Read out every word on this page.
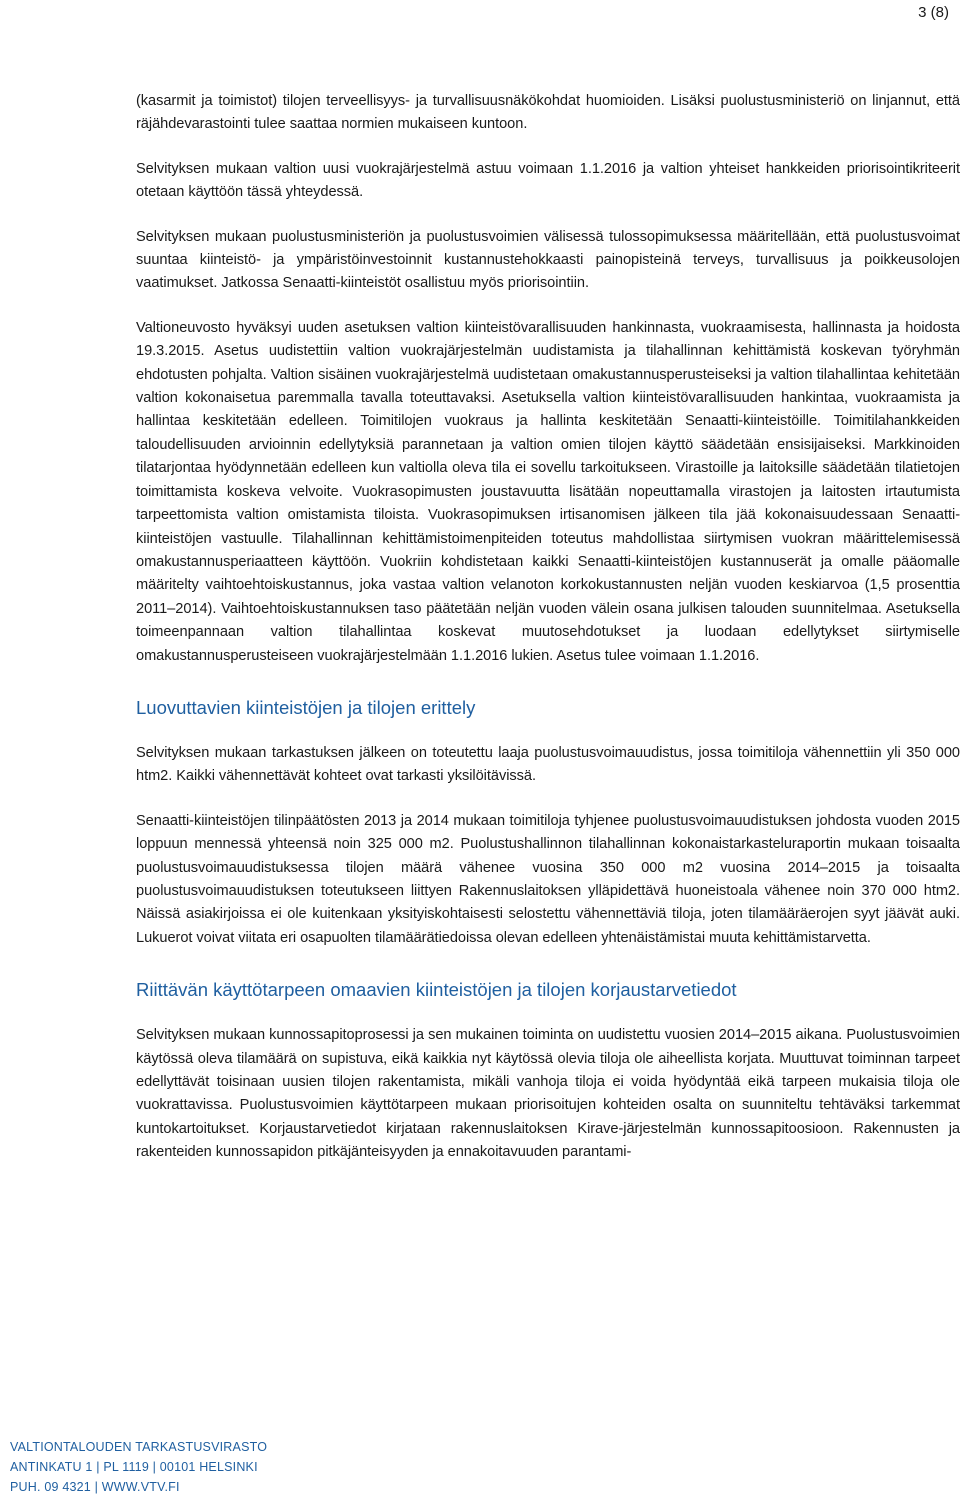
3 (8)

(kasarmit ja toimistot) tilojen terveellisyys- ja turvallisuusnäkökohdat huomioiden. Lisäksi puolustusministeriö on linjannut, että räjähdevarastointi tulee saattaa normien mukaiseen kuntoon.

Selvityksen mukaan valtion uusi vuokrajärjestelmä astuu voimaan 1.1.2016 ja valtion yhteiset hankkeiden priorisointikriteerit otetaan käyttöön tässä yhteydessä.

Selvityksen mukaan puolustusministeriön ja puolustusvoimien välisessä tulossopimuksessa määritellään, että puolustusvoimat suuntaa kiinteistö- ja ympäristöinvestoinnit kustannustehokkaasti painopisteinä terveys, turvallisuus ja poikkeusolojen vaatimukset. Jatkossa Senaatti-kiinteistöt osallistuu myös priorisointiin.

Valtioneuvosto hyväksyi uuden asetuksen valtion kiinteistövarallisuuden hankinnasta, vuokraamisesta, hallinnasta ja hoidosta 19.3.2015. Asetus uudistettiin valtion vuokrajärjestelmän uudistamista ja tilahallinnan kehittämistä koskevan työryhmän ehdotusten pohjalta. Valtion sisäinen vuokrajärjestelmä uudistetaan omakustannusperusteiseksi ja valtion tilahallintaa kehitetään valtion kokonaisetua paremmalla tavalla toteuttavaksi. Asetuksella valtion kiinteistövarallisuuden hankintaa, vuokraamista ja hallintaa keskitetään edelleen. Toimitilojen vuokraus ja hallinta keskitetään Senaatti-kiinteistöille. Toimitilahankkeiden taloudellisuuden arvioinnin edellytyksiä parannetaan ja valtion omien tilojen käyttö säädetään ensisijaiseksi. Markkinoiden tilatarjontaa hyödynnetään edelleen kun valtiolla oleva tila ei sovellu tarkoitukseen. Virastoille ja laitoksille säädetään tilatietojen toimittamista koskeva velvoite. Vuokrasopimusten joustavuutta lisätään nopeuttamalla virastojen ja laitosten irtautumista tarpeettomista valtion omistamista tiloista. Vuokrasopimuksen irtisanomisen jälkeen tila jää kokonaisuudessaan Senaatti-kiinteistöjen vastuulle. Tilahallinnan kehittämistoimenpiteiden toteutus mahdollistaa siirtymisen vuokran määrittelemisessä omakustannusperiaatteen käyttöön. Vuokriin kohdistetaan kaikki Senaatti-kiinteistöjen kustannuserät ja omalle pääomalle määritelty vaihtoehtoiskustannus, joka vastaa valtion velanoton korkokustannusten neljän vuoden keskiarvoa (1,5 prosenttia 2011–2014). Vaihtoehtoiskustannuksen taso päätetään neljän vuoden välein osana julkisen talouden suunnitelmaa. Asetuksella toimeenpannaan valtion tilahallintaa koskevat muutosehdotukset ja luodaan edellytykset siirtymiselle omakustannusperusteiseen vuokrajärjestelmään 1.1.2016 lukien. Asetus tulee voimaan 1.1.2016.

Luovuttavien kiinteistöjen ja tilojen erittely

Selvityksen mukaan tarkastuksen jälkeen on toteutettu laaja puolustusvoimauudistus, jossa toimitiloja vähennettiin yli 350 000 htm2. Kaikki vähennettävät kohteet ovat tarkasti yksilöitävissä.

Senaatti-kiinteistöjen tilinpäätösten 2013 ja 2014 mukaan toimitiloja tyhjenee puolustusvoimauudistuksen johdosta vuoden 2015 loppuun mennessä yhteensä noin 325 000 m2. Puolustushallinnon tilahallinnan kokonaistarkasteluraportin mukaan toisaalta puolustusvoimauudistuksessa tilojen määrä vähenee vuosina 350 000 m2 vuosina 2014–2015 ja toisaalta puolustusvoimauudistuksen toteutukseen liittyen Rakennuslaitoksen ylläpidettävä huoneistoala vähenee noin 370 000 htm2. Näissä asiakirjoissa ei ole kuitenkaan yksityiskohtaisesti selostettu vähennettäviä tiloja, joten tilamääräerojen syyt jäävät auki. Lukuerot voivat viitata eri osapuolten tilamäärätiedoissa olevan edelleen yhtenäistämistai muuta kehittämistarvetta.

Riittävän käyttötarpeen omaavien kiinteistöjen ja tilojen korjaustarvetiedot

Selvityksen mukaan kunnossapitoprosessi ja sen mukainen toiminta on uudistettu vuosien 2014–2015 aikana. Puolustusvoimien käytössä oleva tilamäärä on supistuva, eikä kaikkia nyt käytössä olevia tiloja ole aiheellista korjata. Muuttuvat toiminnan tarpeet edellyttävät toisinaan uusien tilojen rakentamista, mikäli vanhoja tiloja ei voida hyödyntää eikä tarpeen mukaisia tiloja ole vuokrattavissa. Puolustusvoimien käyttötarpeen mukaan priorisoitujen kohteiden osalta on suunniteltu tehtäväksi tarkemmat kuntokartoitukset. Korjaustarvetiedot kirjataan rakennuslaitoksen Kirave-järjestelmän kunnossapitoosioon. Rakennusten ja rakenteiden kunnossapidon pitkäjänteisyyden ja ennakoitavuuden parantami-

VALTIONTALOUDEN TARKASTUSVIRASTO
ANTINKATU 1 | PL 1119 | 00101 HELSINKI
PUH. 09 4321 | WWW.VTV.FI
